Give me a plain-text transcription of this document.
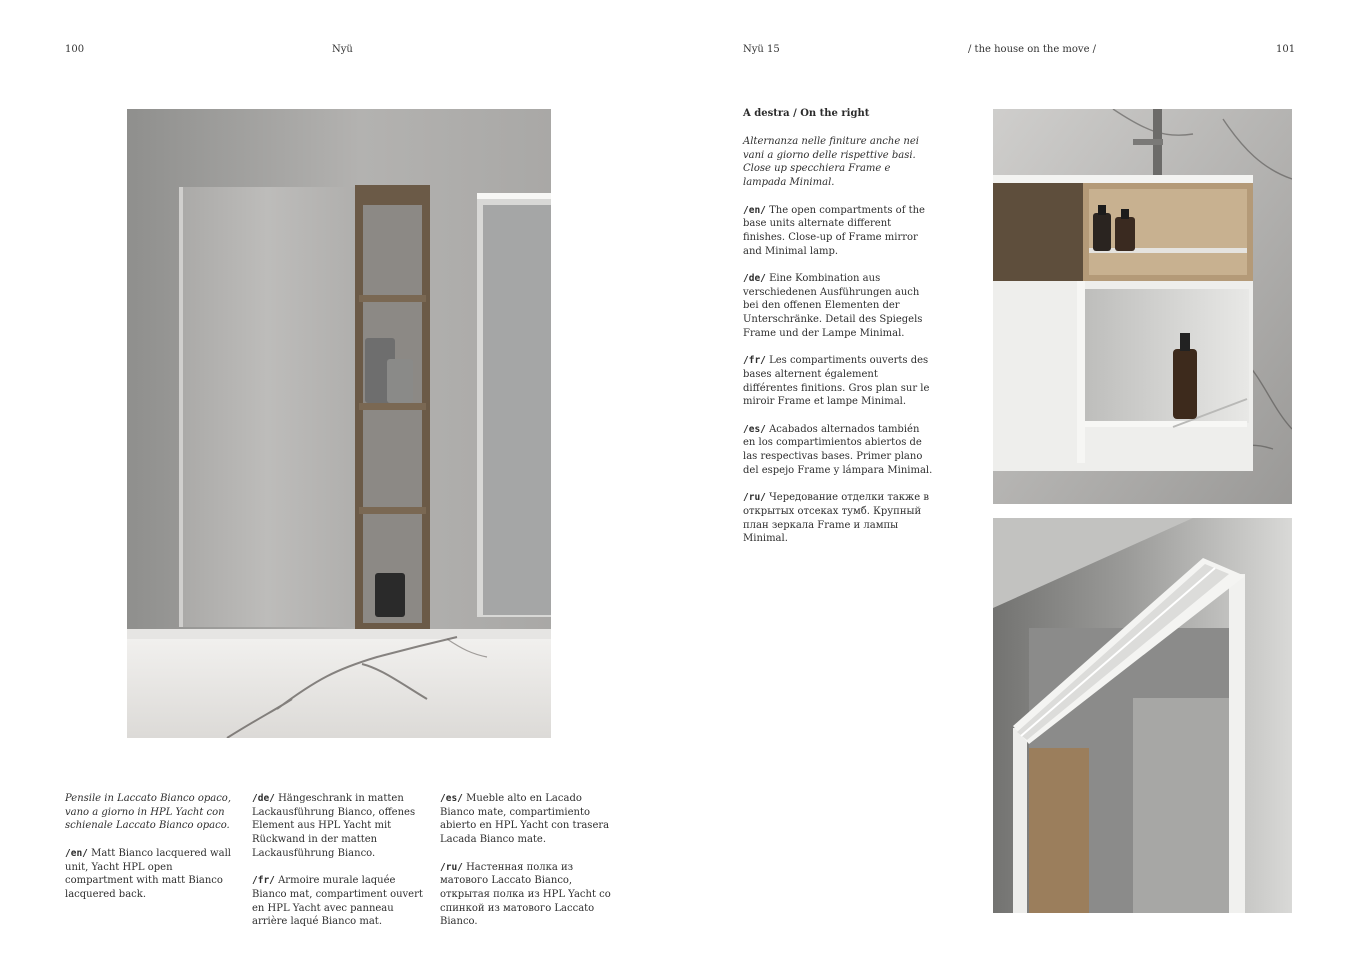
100	Nyü	Nyü 15	/ the house on the move /	101

Pensile in Laccato Bianco opaco, vano a giorno in HPL Yacht con schienale Laccato Bianco opaco.

/en/ Matt Bianco lacquered wall unit, Yacht HPL open compartment with matt Bianco lacquered back.

/de/ Hängeschrank in matten Lackausführung Bianco, offenes Element aus HPL Yacht mit Rückwand in der matten Lackausführung Bianco.

/fr/ Armoire murale laquée Bianco mat, compartiment ouvert en HPL Yacht avec panneau arrière laqué Bianco mat.

/es/ Mueble alto en Lacado Bianco mate, compartimiento abierto en HPL Yacht con trasera Lacada Bianco mate.

/ru/ Настенная полка из матового Laccato Bianco, открытая полка из HPL Yacht со спинкой из матового Laccato Bianco.

A destra / On the right

Alternanza nelle finiture anche nei vani a giorno delle rispettive basi. Close up specchiera Frame e lampada Minimal.

/en/ The open compartments of the base units alternate different finishes. Close-up of Frame mirror and Minimal lamp.

/de/ Eine Kombination aus verschiedenen Ausführungen auch bei den offenen Elementen der Unterschränke. Detail des Spiegels Frame und der Lampe Minimal.

/fr/ Les compartiments ouverts des bases alternent également différentes finitions. Gros plan sur le miroir Frame et lampe Minimal.

/es/ Acabados alternados también en los compartimientos abiertos de las respectivas bases. Primer plano del espejo Frame y lámpara Minimal.

/ru/ Чередование отделки также в открытых отсеках тумб. Крупный план зеркала Frame и лампы Minimal.
